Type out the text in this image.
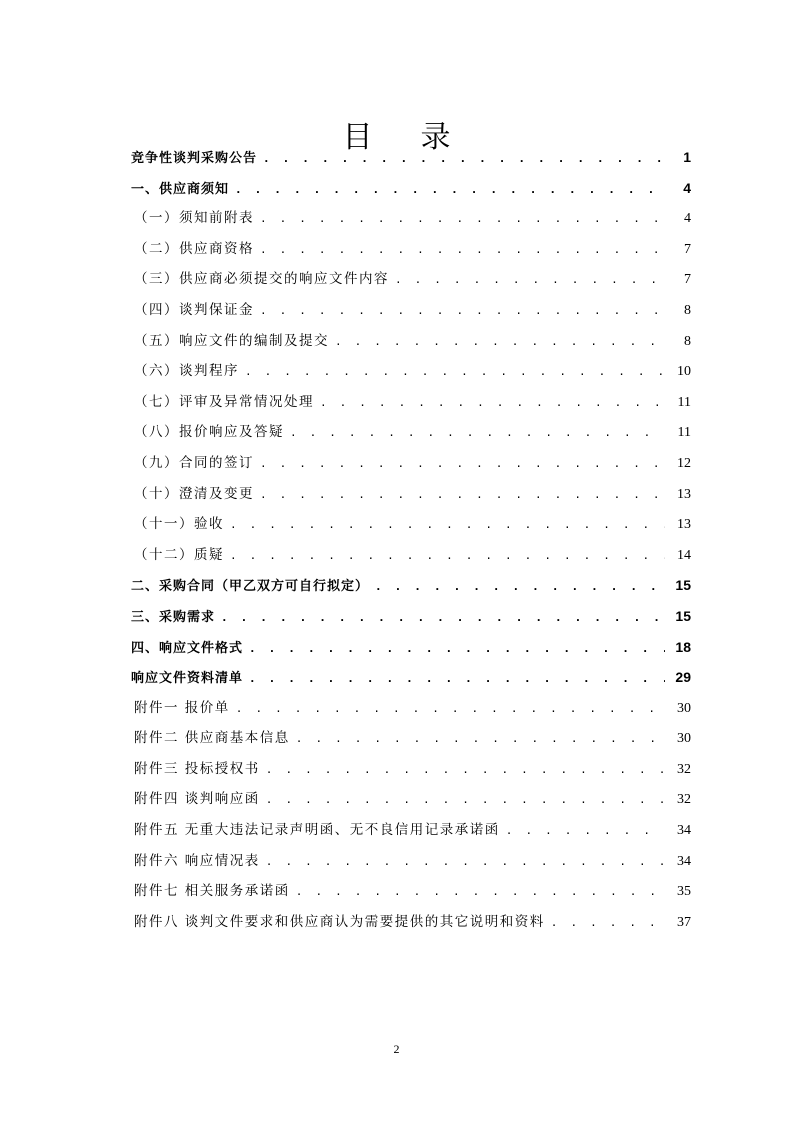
目录
竞争性谈判采购公告 . . .	1
一、供应商须知 . . .	4
（一）须知前附表 . . .	4
（二）供应商资格 . . .	7
（三）供应商必须提交的响应文件内容 . . .	7
（四）谈判保证金 . . .	8
（五）响应文件的编制及提交 . . .	8
（六）谈判程序 . . .	10
（七）评审及异常情况处理 . . .	11
（八）报价响应及答疑 . . .	11
（九）合同的签订 . . .	12
（十）澄清及变更 . . .	13
（十一）验收 . . .	13
（十二）质疑 . . .	14
二、采购合同（甲乙双方可自行拟定） . . .	15
三、采购需求 . . .	15
四、响应文件格式 . . .	18
响应文件资料清单 . . .	29
附件一 报价单 . . .	30
附件二 供应商基本信息 . . .	30
附件三 投标授权书 . . .	32
附件四 谈判响应函 . . .	32
附件五 无重大违法记录声明函、无不良信用记录承诺函 . . .	34
附件六 响应情况表 . . .	34
附件七 相关服务承诺函 . . .	35
附件八 谈判文件要求和供应商认为需要提供的其它说明和资料 . . .	37
2
